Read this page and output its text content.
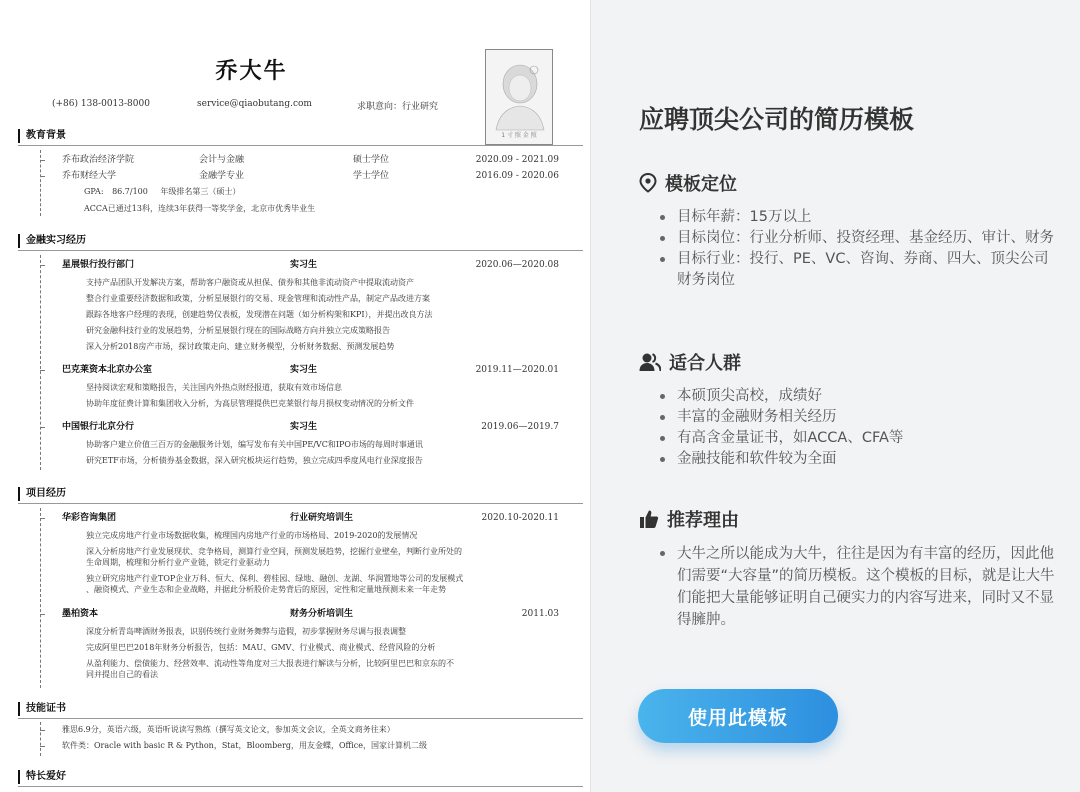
乔大牛
(+86) 138-0013-8000	service@qiaobutang.com	求职意向：行业研究
1 寸 照 金 照
教育背景
乔布政治经济学院	会计与金融	硕士学位	2020.09 - 2021.09
乔布财经大学	金融学专业	学士学位	2016.09 - 2020.06
• GPA: 86.7/100 年级排名第三（硕士）
• ACCA已通过13科，连续3年获得一等奖学金，北京市优秀毕业生
金融实习经历
星展银行投行部门	实习生	2020.06—2020.08
• 支持产品团队开发解决方案，帮助客户融资或从担保、债券和其他非流动资产中提取流动资产
• 整合行业重要经济数据和政策，分析星展银行的交易、现金管理和流动性产品，制定产品改进方案
• 跟踪各地客户经理的表现，创建趋势仪表板，发现潜在问题（如分析构架和KPI），并提出改良方法
• 研究金融科技行业的发展趋势，分析星展银行现在的国际战略方向并独立完成策略报告
• 深入分析2018房产市场，探讨政策走向、建立财务模型，分析财务数据、预测发展趋势
巴克莱资本北京办公室	实习生	2019.11—2020.01
• 坚持阅读宏观和策略报告，关注国内外热点财经报道，获取有效市场信息
• 协助年度征费计算和集团收入分析，为高层管理提供巴克莱银行每月损权变动情况的分析文件
中国银行北京分行	实习生	2019.06—2019.7
• 协助客户建立价值三百万的金融服务计划，编写发布有关中国PE/VC和IPO市场的每周时事通讯
• 研究ETF市场，分析债券基金数据，深入研究板块运行趋势，独立完成四季度风电行业深度报告
项目经历
华彩咨询集团	行业研究培训生	2020.10-2020.11
• 独立完成房地产行业市场数据收集，梳理国内房地产行业的市场格局、2019-2020的发展情况
• 深入分析房地产行业发展现状、竞争格局，测算行业空间，预测发展趋势，挖掘行业壁垒，判断行业所处的
• 生命周期，梳理和分析行业产业链，锁定行业驱动力
• 独立研究房地产行业TOP企业万科、恒大、保利、碧桂园、绿地、融创、龙湖、华润置地等公司的发展模式
• 、融资模式、产业生态和企业战略，并据此分析股价走势背后的原因，定性和定量地预测未来一年走势
墨柏资本	财务分析培训生	2011.03
• 深度分析青岛啤酒财务报表，识别传统行业财务舞弊与造假，初步掌握财务尽调与报表调整
• 完成阿里巴巴2018年财务分析报告，包括：MAU、GMV、行业模式、商业模式、经营风险的分析
• 从盈利能力、偿债能力、经营效率、流动性等角度对三大报表进行解读与分析，比较阿里巴巴和京东的不
• 同并提出自己的看法
技能证书
• 雅思6.9分，英语六级，英语听说读写熟练（撰写英文论文，参加英文会议，全英文商务往来）
• 软件类：Oracle with basic R & Python，Stat，Bloomberg，用友金蝶，Office，国家计算机二级
特长爱好
应聘顶尖公司的简历模板
模板定位
目标年薪：15万以上
目标岗位：行业分析师、投资经理、基金经历、审计、财务
目标行业：投行、PE、VC、咨询、券商、四大、顶尖公司财务岗位
适合人群
本硕顶尖高校，成绩好
丰富的金融财务相关经历
有高含金量证书，如ACCA、CFA等
金融技能和软件较为全面
推荐理由
大牛之所以能成为大牛，往往是因为有丰富的经历，因此他们需要“大容量”的简历模板。这个模板的目标，就是让大牛们能把大量能够证明自己硬实力的内容写进来，同时又不显得臃肿。
使用此模板
